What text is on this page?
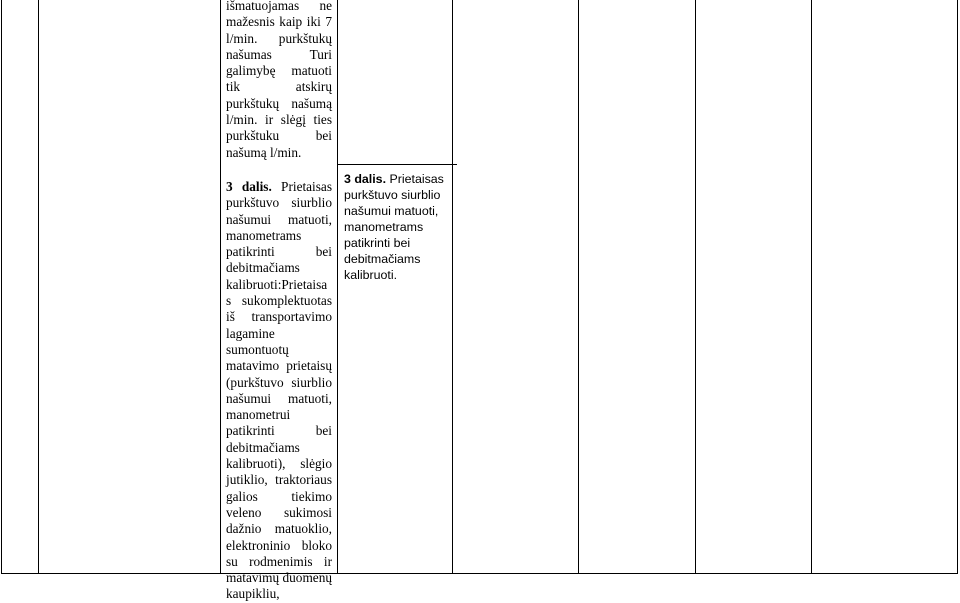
išmatuojamas ne mažesnis kaip iki 7 l/min. purkštukų našumas Turi galimybę matuoti tik atskirų purkštukų našumą l/min. ir slėgį ties purkštuku bei našumą l/min.

3 dalis. Prietaisas purkštuvo siurblio našumui matuoti, manometrams patikrinti bei debitmačiams kalibruoti:Prietaisa s sukomplektuotas iš transportavimo lagamine sumontuotų matavimo prietaisų (purkštuvo siurblio našumui matuoti, manometrui patikrinti bei debitmačiams kalibruoti), slėgio jutiklio, traktoriaus galios tiekimo veleno sukimosi dažnio matuoklio, elektroninio bloko su rodmenimis ir matavimų duomenų kaupikliu,

3 dalis. Prietaisas purkštuvo siurblio našumui matuoti, manometrams patikrinti bei debitmačiams kalibruoti.
